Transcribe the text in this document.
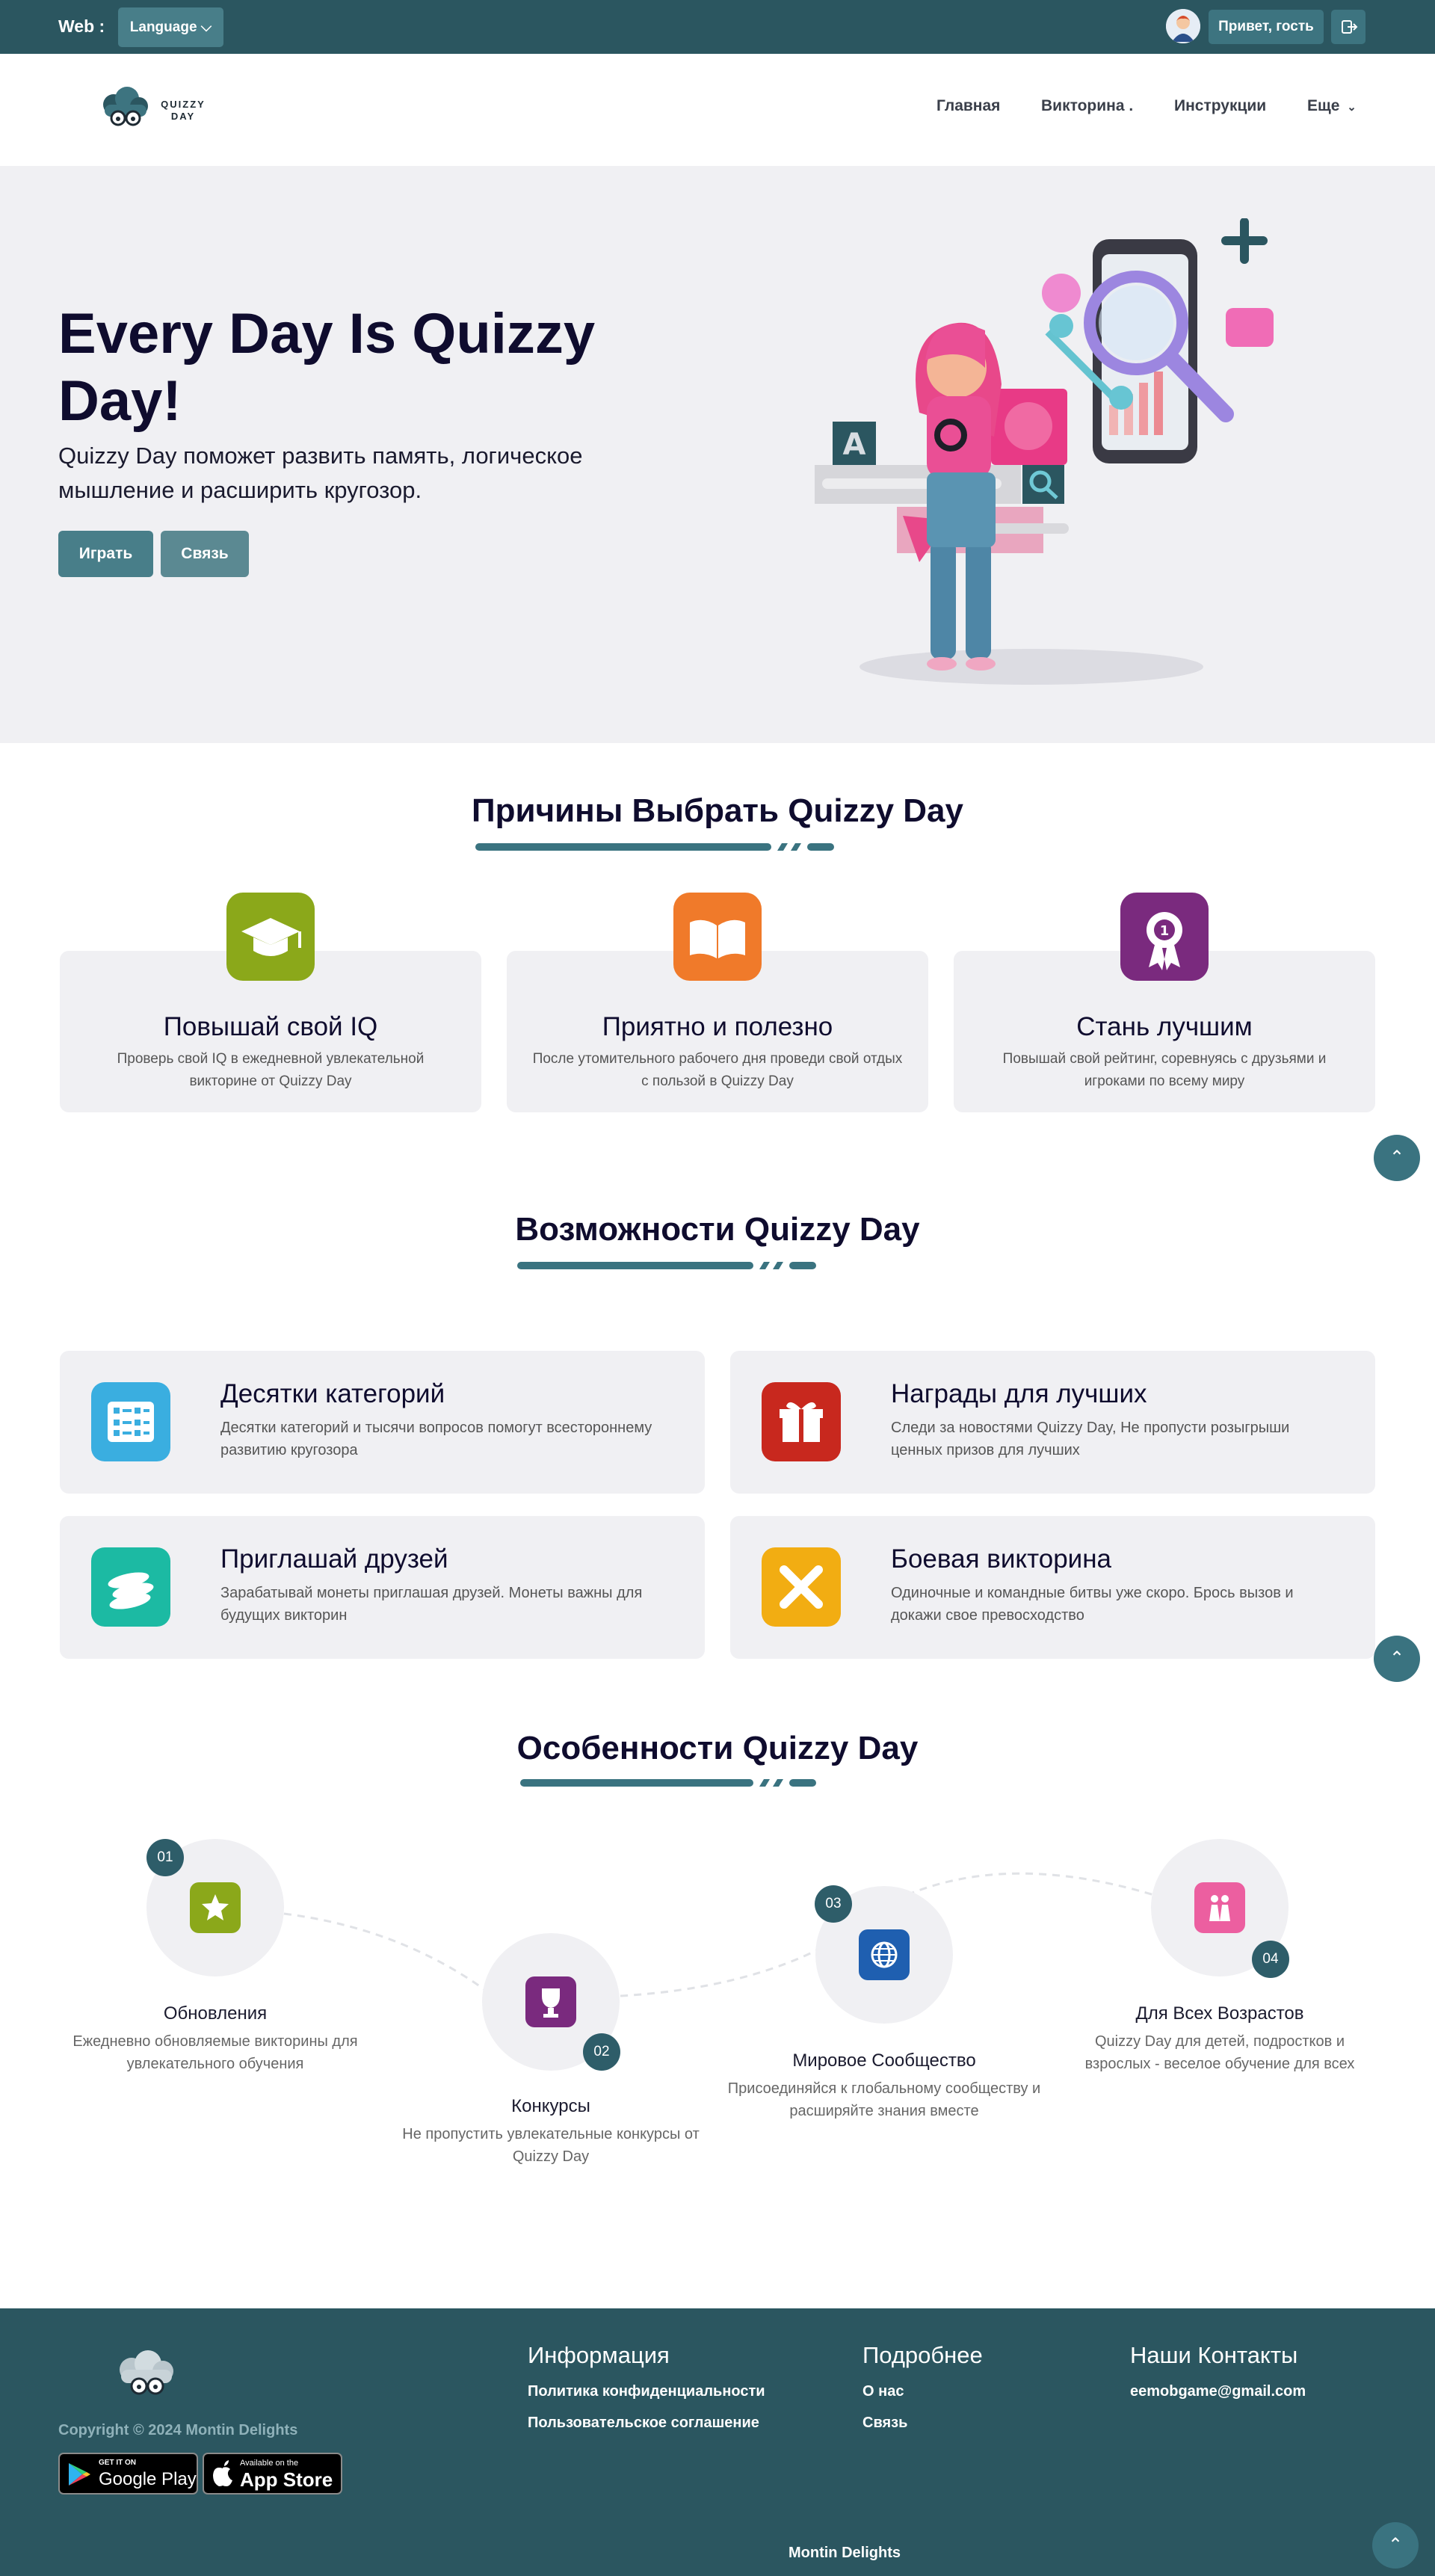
Web :	Language ⌵	Привет, гость
QUIZZY
DAY
Главная	Викторина .	Инструкции	Еще ⌄
Every Day Is Quizzy Day!
Quizzy Day поможет развить память, логическое мышление и расширить кругозор.
Играть	Связь
A
Причины Выбрать Quizzy Day
Повышай свой IQ
Проверь свой IQ в ежедневной увлекательной викторине от Quizzy Day
Приятно и полезно
После утомительного рабочего дня проведи свой отдых с пользой в Quizzy Day
Стань лучшим
Повышай свой рейтинг, соревнуясь с друзьями и игроками по всему миру
1
⌃
Возможности Quizzy Day
Десятки категорий
Десятки категорий и тысячи вопросов помогут всестороннему развитию кругозора
Награды для лучших
Следи за новостями Quizzy Day, Не пропусти розыгрыши ценных призов для лучших
Приглашай друзей
Зарабатывай монеты приглашая друзей. Монеты важны для будущих викторин
Боевая викторина
Одиночные и командные битвы уже скоро. Брось вызов и докажи свое превосходство
⌃
Особенности Quizzy Day
01
Обновления
Ежедневно обновляемые викторины для увлекательного обучения
02
Конкурсы
Не пропустить увлекательные конкурсы от Quizzy Day
03
Мировое Сообщество
Присоединяйся к глобальному сообществу и расширяйте знания вместе
04
Для Всех Возрастов
Quizzy Day для детей, подростков и взрослых - веселое обучение для всех
Copyright © 2024 Montin Delights
GET IT ON
Google Play
Available on the
App Store
Информация
Политика конфиденциальности
Пользовательское соглашение
Подробнее
О нас
Связь
Наши Контакты
eemobgame@gmail.com
Montin Delights	⌃
